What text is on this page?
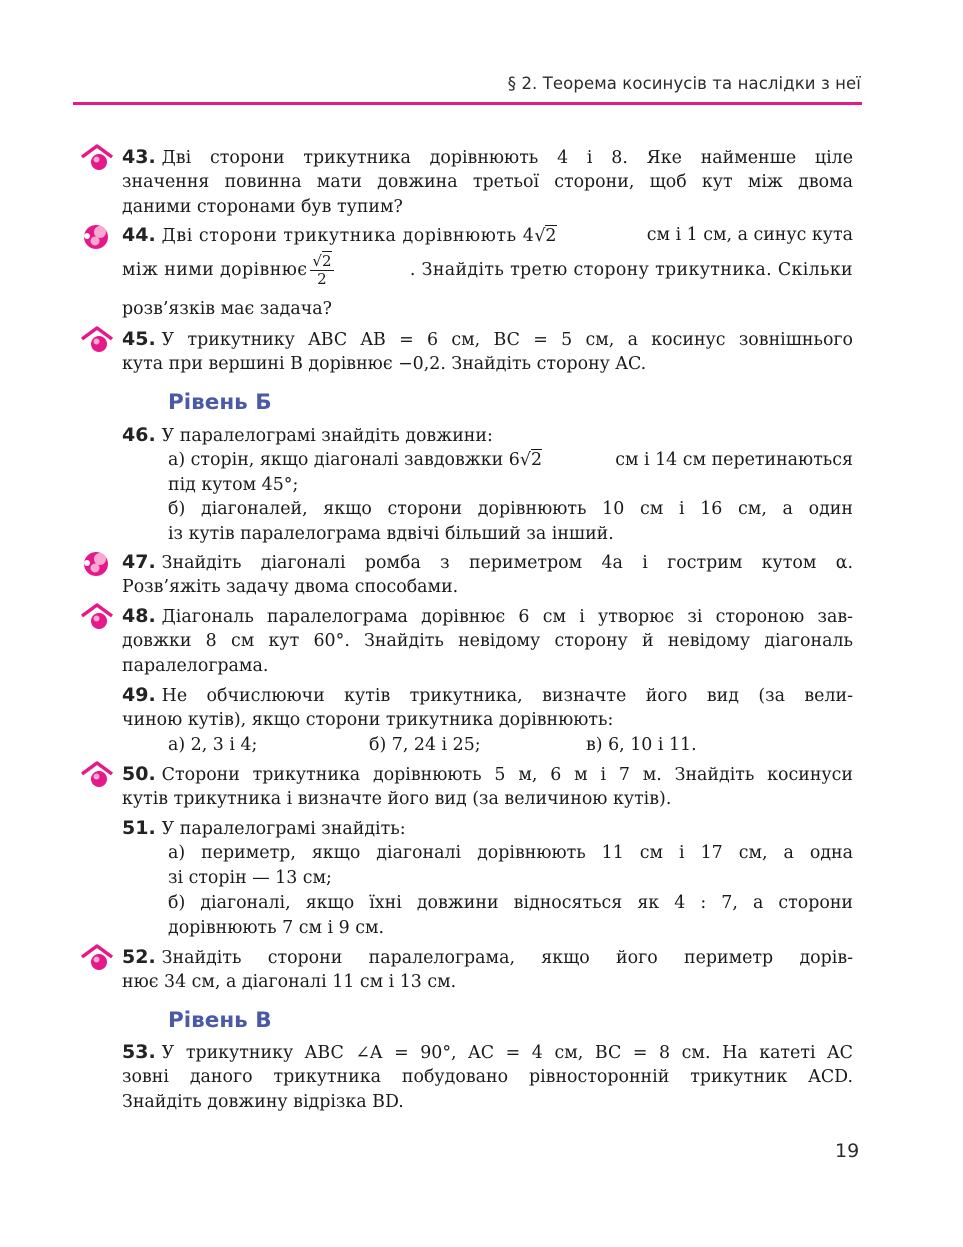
§ 2. Теорема косинусів та наслідки з неї
43. Дві сторони трикутника дорівнюють 4 і 8. Яке найменше ціле
значення повинна мати довжина третьої сторони, щоб кут між двома
даними сторонами був тупим?
44. Дві сторони трикутника дорівнюють 4√2	см і 1 см, а синус кута
між ними дорівнює $\frac{√2}{2}$	. Знайдіть третю сторону трикутника. Скільки
розв’язків має задача?
45. У трикутнику ABC AB = 6 см, BC = 5 см, а косинус зовнішнього
кута при вершині B дорівнює −0,2. Знайдіть сторону AC.
Рівень Б
46. У паралелограмі знайдіть довжини:
а) сторін, якщо діагоналі завдовжки 6√2	см і 14 см перетинаються
під кутом 45°;
б) діагоналей, якщо сторони дорівнюють 10 см і 16 см, а один
із кутів паралелограма вдвічі більший за інший.
47. Знайдіть діагоналі ромба з периметром 4a і гострим кутом α.
Розв’яжіть задачу двома способами.
48. Діагональ паралелограма дорівнює 6 см і утворює зі стороною зав-
довжки 8 см кут 60°. Знайдіть невідому сторону й невідому діагональ
паралелограма.
49. Не обчислюючи кутів трикутника, визначте його вид (за вели-
чиною кутів), якщо сторони трикутника дорівнюють:
а) 2, 3 і 4;	б) 7, 24 і 25;	в) 6, 10 і 11.
50. Сторони трикутника дорівнюють 5 м, 6 м і 7 м. Знайдіть косинуси
кутів трикутника і визначте його вид (за величиною кутів).
51. У паралелограмі знайдіть:
а) периметр, якщо діагоналі дорівнюють 11 см і 17 см, а одна
зі сторін — 13 см;
б) діагоналі, якщо їхні довжини відносяться як 4 : 7, а сторони
дорівнюють 7 см і 9 см.
52. Знайдіть сторони паралелограма, якщо його периметр дорів-
нює 34 см, а діагоналі 11 см і 13 см.
Рівень В
53. У трикутнику ABC ∠A = 90°, AC = 4 см, BC = 8 см. На катеті AC
зовні даного трикутника побудовано рівносторонній трикутник ACD.
Знайдіть довжину відрізка BD.
19
